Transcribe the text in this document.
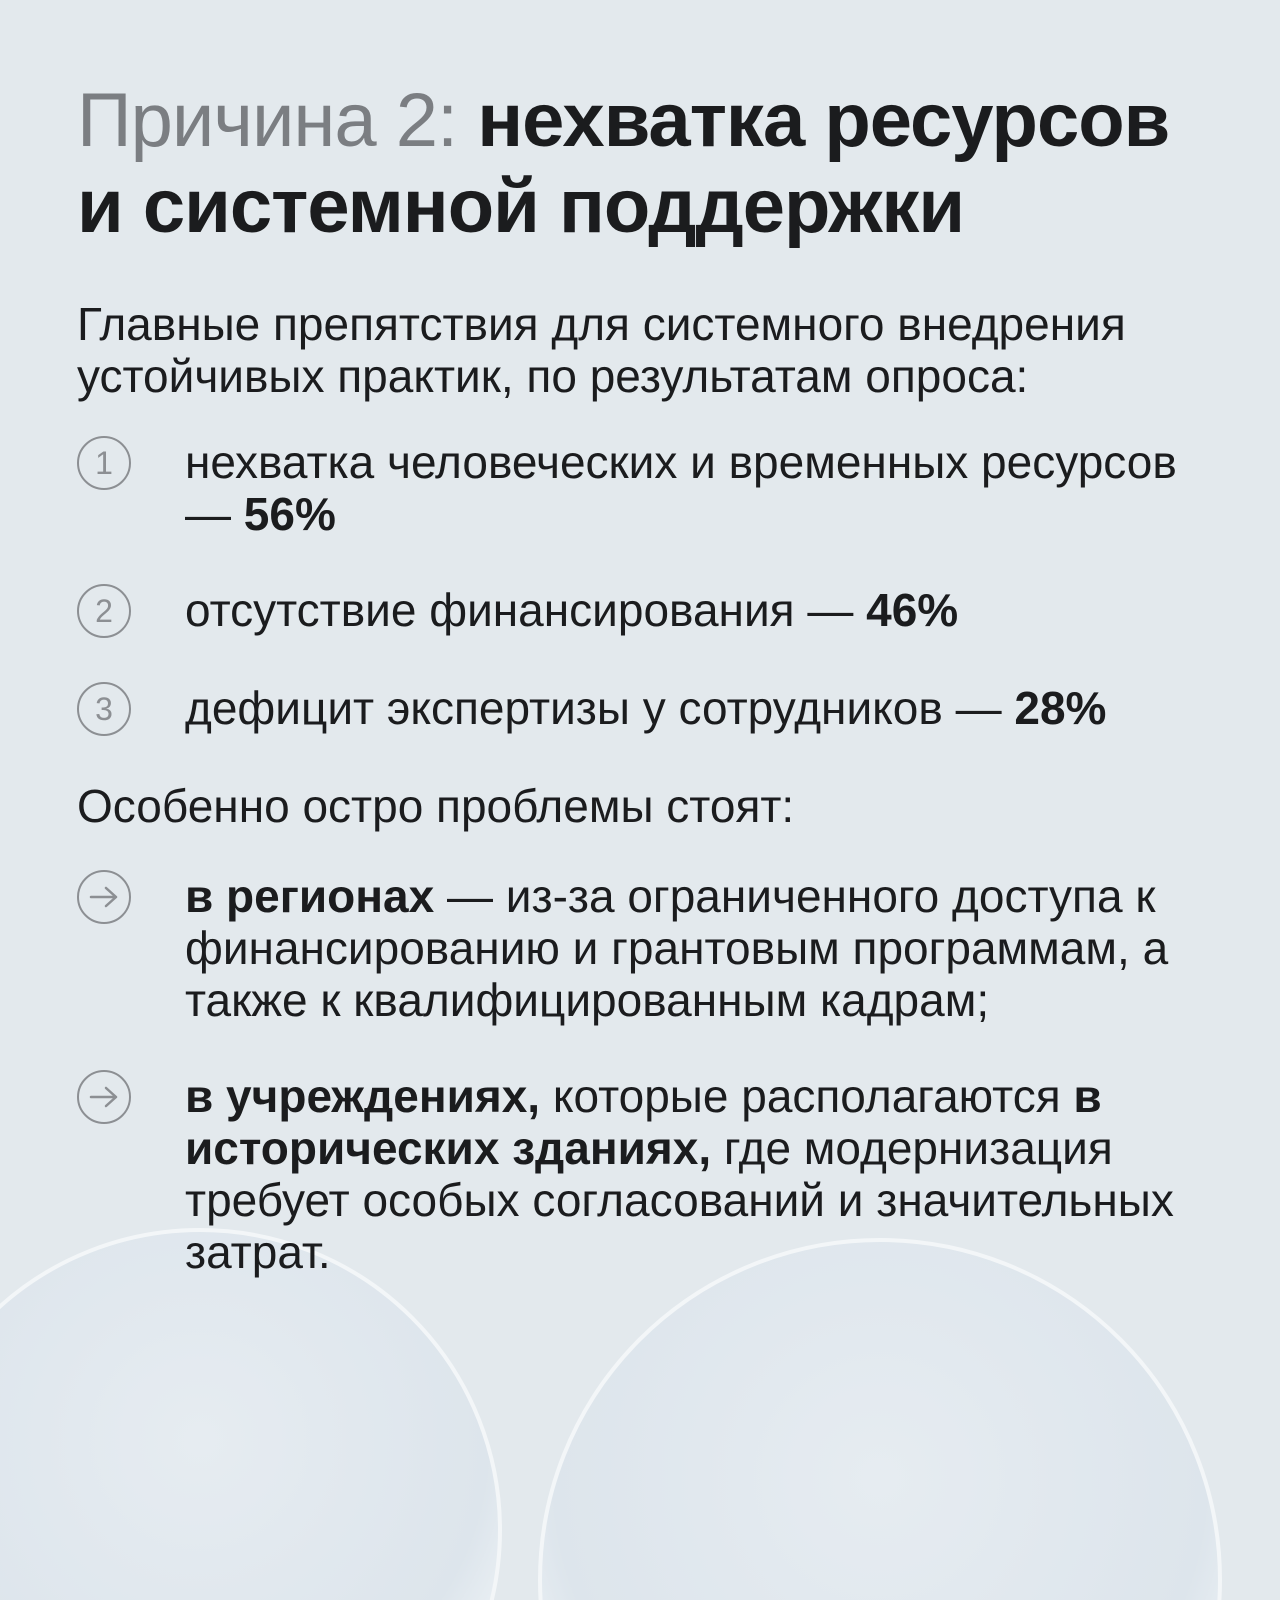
Причина 2: нехватка ресурсов и системной поддержки

Главные препятствия для системного внедрения устойчивых практик, по результатам опроса:

1	нехватка человеческих и временных ресурсов — 56%
2	отсутствие финансирования — 46%
3	дефицит экспертизы у сотрудников — 28%

Особенно остро проблемы стоят:

в регионах — из-за ограниченного доступа к финансированию и грантовым программам, а также к квалифицированным кадрам;
в учреждениях, которые располагаются в исторических зданиях, где модернизация требует особых согласований и значительных затрат.
